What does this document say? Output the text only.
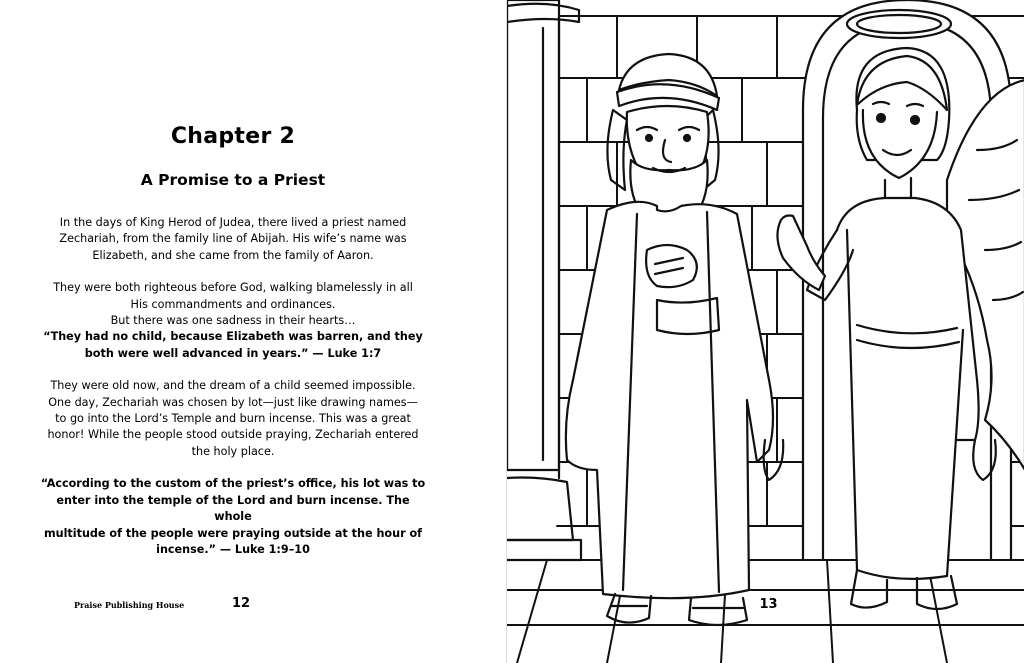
Chapter 2
A Promise to a Priest

In the days of King Herod of Judea, there lived a priest named
Zechariah, from the family line of Abijah. His wife’s name was
Elizabeth, and she came from the family of Aaron.

They were both righteous before God, walking blamelessly in all
His commandments and ordinances.
But there was one sadness in their hearts…
“They had no child, because Elizabeth was barren, and they
both were well advanced in years.” — Luke 1:7

They were old now, and the dream of a child seemed impossible.
One day, Zechariah was chosen by lot—just like drawing names—
to go into the Lord’s Temple and burn incense. This was a great
honor! While the people stood outside praying, Zechariah entered
the holy place.

“According to the custom of the priest’s office, his lot was to
enter into the temple of the Lord and burn incense. The whole
multitude of the people were praying outside at the hour of
incense.” — Luke 1:9–10

Praise Publishing House	12	13
